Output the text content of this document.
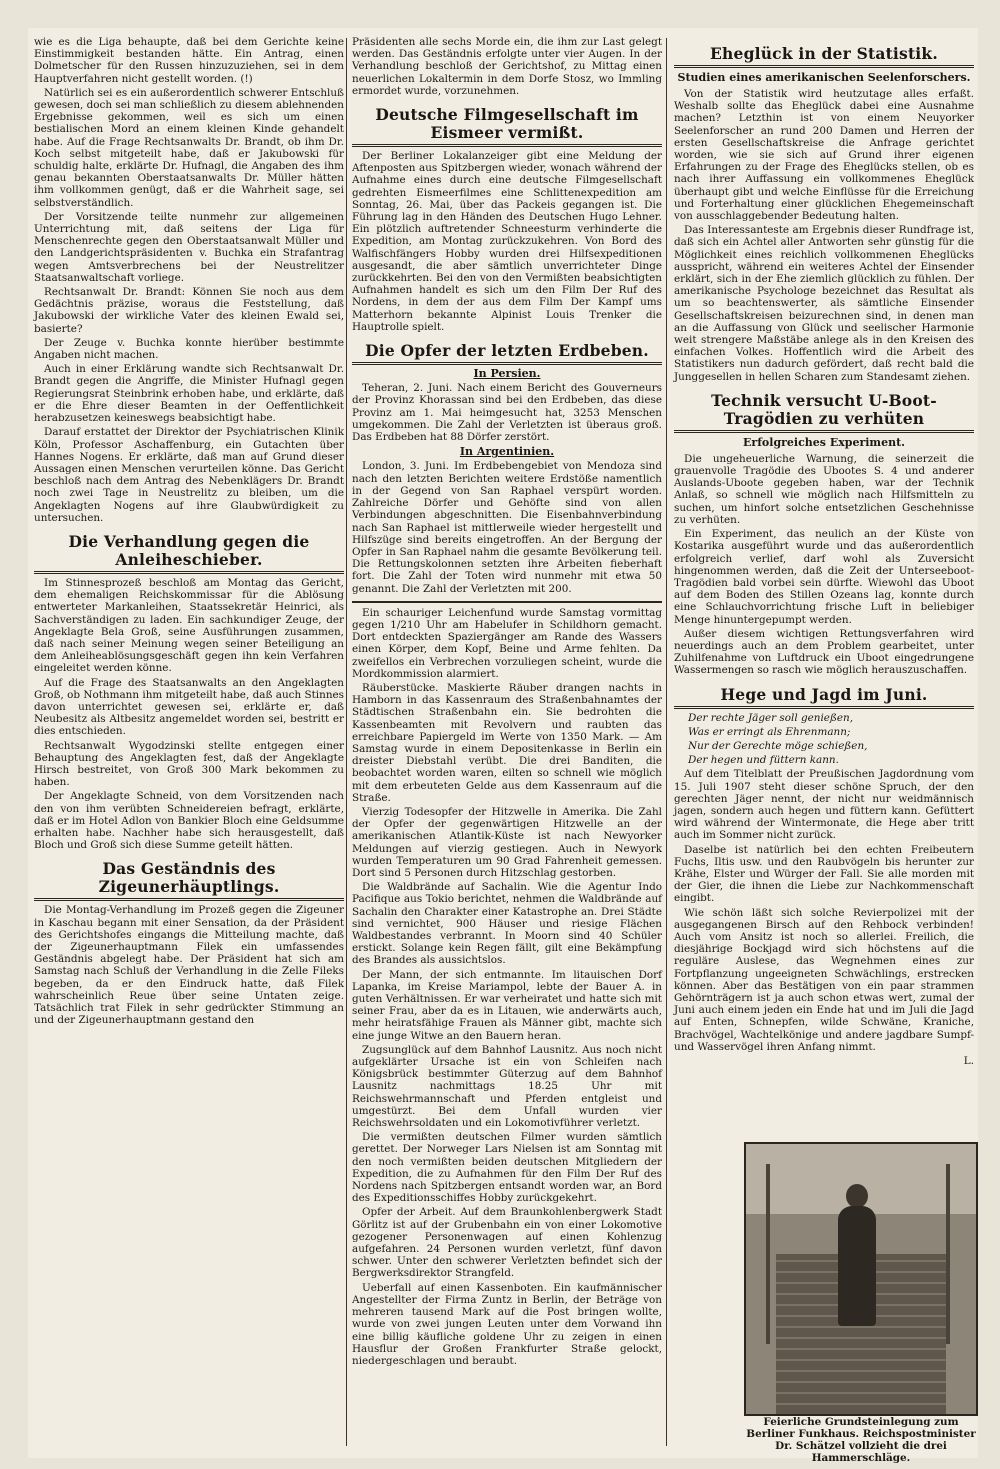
wie es die Liga behaupte, daß bei dem Gerichte keine Einstimmigkeit bestanden hätte. Ein Antrag, einen Dolmetscher für den Russen hinzuzuziehen, sei in dem Hauptverfahren nicht gestellt worden. (!)

Natürlich sei es ein außerordentlich schwerer Entschluß gewesen, doch sei man schließlich zu diesem ablehnenden Ergebnisse gekommen, weil es sich um einen bestialischen Mord an einem kleinen Kinde gehandelt habe. Auf die Frage Rechtsanwalts Dr. Brandt, ob ihm Dr. Koch selbst mitgeteilt habe, daß er Jakubowski für schuldig halte, erklärte Dr. Hufnagl, die Angaben des ihm genau bekannten Oberstaatsanwalts Dr. Müller hätten ihm vollkommen genügt, daß er die Wahrheit sage, sei selbstverständlich.

Der Vorsitzende teilte nunmehr zur allgemeinen Unterrichtung mit, daß seitens der Liga für Menschenrechte gegen den Oberstaatsanwalt Müller und den Landgerichtspräsidenten v. Buchka ein Strafantrag wegen Amtsverbrechens bei der Neustrelitzer Staatsanwaltschaft vorliege.

Rechtsanwalt Dr. Brandt: Können Sie noch aus dem Gedächtnis präzise, woraus die Feststellung, daß Jakubowski der wirkliche Vater des kleinen Ewald sei, basierte?

Der Zeuge v. Buchka konnte hierüber bestimmte Angaben nicht machen.

Auch in einer Erklärung wandte sich Rechtsanwalt Dr. Brandt gegen die Angriffe, die Minister Hufnagl gegen Regierungsrat Steinbrink erhoben habe, und erklärte, daß er die Ehre dieser Beamten in der Oeffentlichkeit herabzusetzen keineswegs beabsichtigt habe.

Darauf erstattet der Direktor der Psychiatrischen Klinik Köln, Professor Aschaffenburg, ein Gutachten über Hannes Nogens. Er erklärte, daß man auf Grund dieser Aussagen einen Menschen verurteilen könne. Das Gericht beschloß nach dem Antrag des Nebenklägers Dr. Brandt noch zwei Tage in Neustrelitz zu bleiben, um die Angeklagten Nogens auf ihre Glaubwürdigkeit zu untersuchen.

Die Verhandlung gegen die Anleiheschieber.

Im Stinnesprozeß beschloß am Montag das Gericht, dem ehemaligen Reichskommissar für die Ablösung entwerteter Markanleihen, Staatssekretär Heinrici, als Sachverständigen zu laden. Ein sachkundiger Zeuge, der Angeklagte Bela Groß, seine Ausführungen zusammen, daß nach seiner Meinung wegen seiner Beteiligung an dem Anleiheablösungsgeschäft gegen ihn kein Verfahren eingeleitet werden könne.

Auf die Frage des Staatsanwalts an den Angeklagten Groß, ob Nothmann ihm mitgeteilt habe, daß auch Stinnes davon unterrichtet gewesen sei, erklärte er, daß Neubesitz als Altbesitz angemeldet worden sei, bestritt er dies entschieden.

Rechtsanwalt Wygodzinski stellte entgegen einer Behauptung des Angeklagten fest, daß der Angeklagte Hirsch bestreitet, von Groß 300 Mark bekommen zu haben.

Der Angeklagte Schneid, von dem Vorsitzenden nach den von ihm verübten Schneidereien befragt, erklärte, daß er im Hotel Adlon von Bankier Bloch eine Geldsumme erhalten habe. Nachher habe sich herausgestellt, daß Bloch und Groß sich diese Summe geteilt hätten.

Das Geständnis des Zigeunerhäuptlings.

Die Montag-Verhandlung im Prozeß gegen die Zigeuner in Kaschau begann mit einer Sensation, da der Präsident des Gerichtshofes eingangs die Mitteilung machte, daß der Zigeunerhauptmann Filek ein umfassendes Geständnis abgelegt habe. Der Präsident hat sich am Samstag nach Schluß der Verhandlung in die Zelle Fileks begeben, da er den Eindruck hatte, daß Filek wahrscheinlich Reue über seine Untaten zeige. Tatsächlich trat Filek in sehr gedrückter Stimmung an und der Zigeunerhauptmann gestand den

Präsidenten alle sechs Morde ein, die ihm zur Last gelegt werden. Das Geständnis erfolgte unter vier Augen. In der Verhandlung beschloß der Gerichtshof, zu Mittag einen neuerlichen Lokaltermin in dem Dorfe Stosz, wo Immling ermordet wurde, vorzunehmen.

Deutsche Filmgesellschaft im Eismeer vermißt.

Der Berliner Lokalanzeiger gibt eine Meldung der Aftenposten aus Spitzbergen wieder, wonach während der Aufnahme eines durch eine deutsche Filmgesellschaft gedrehten Eismeerfilmes eine Schlittenexpedition am Sonntag, 26. Mai, über das Packeis gegangen ist. Die Führung lag in den Händen des Deutschen Hugo Lehner. Ein plötzlich auftretender Schneesturm verhinderte die Expedition, am Montag zurückzukehren. Von Bord des Walfischfängers Hobby wurden drei Hilfsexpeditionen ausgesandt, die aber sämtlich unverrichteter Dinge zurückkehrten. Bei den von den Vermißten beabsichtigten Aufnahmen handelt es sich um den Film Der Ruf des Nordens, in dem der aus dem Film Der Kampf ums Matterhorn bekannte Alpinist Louis Trenker die Hauptrolle spielt.

Die Opfer der letzten Erdbeben.
In Persien.

Teheran, 2. Juni. Nach einem Bericht des Gouverneurs der Provinz Khorassan sind bei den Erdbeben, das diese Provinz am 1. Mai heimgesucht hat, 3253 Menschen umgekommen. Die Zahl der Verletzten ist überaus groß. Das Erdbeben hat 88 Dörfer zerstört.

In Argentinien.

London, 3. Juni. Im Erdbebengebiet von Mendoza sind nach den letzten Berichten weitere Erdstöße namentlich in der Gegend von San Raphael verspürt worden. Zahlreiche Dörfer und Gehöfte sind von allen Verbindungen abgeschnitten. Die Eisenbahnverbindung nach San Raphael ist mittlerweile wieder hergestellt und Hilfszüge sind bereits eingetroffen. An der Bergung der Opfer in San Raphael nahm die gesamte Bevölkerung teil. Die Rettungskolonnen setzten ihre Arbeiten fieberhaft fort. Die Zahl der Toten wird nunmehr mit etwa 50 genannt. Die Zahl der Verletzten mit 200.

Ein schauriger Leichenfund wurde Samstag vormittag gegen 1/210 Uhr am Habelufer in Schildhorn gemacht. Dort entdeckten Spaziergänger am Rande des Wassers einen Körper, dem Kopf, Beine und Arme fehlten. Da zweifellos ein Verbrechen vorzuliegen scheint, wurde die Mordkommission alarmiert.

Räuberstücke. Maskierte Räuber drangen nachts in Hamborn in das Kassenraum des Straßenbahnamtes der Städtischen Straßenbahn ein. Sie bedrohten die Kassenbeamten mit Revolvern und raubten das erreichbare Papiergeld im Werte von 1350 Mark. — Am Samstag wurde in einem Depositenkasse in Berlin ein dreister Diebstahl verübt. Die drei Banditen, die beobachtet worden waren, eilten so schnell wie möglich mit dem erbeuteten Gelde aus dem Kassenraum auf die Straße.

Vierzig Todesopfer der Hitzwelle in Amerika. Die Zahl der Opfer der gegenwärtigen Hitzwelle an der amerikanischen Atlantik-Küste ist nach Newyorker Meldungen auf vierzig gestiegen. Auch in Newyork wurden Temperaturen um 90 Grad Fahrenheit gemessen. Dort sind 5 Personen durch Hitzschlag gestorben.

Die Waldbrände auf Sachalin. Wie die Agentur Indo Pacifique aus Tokio berichtet, nehmen die Waldbrände auf Sachalin den Charakter einer Katastrophe an. Drei Städte sind vernichtet, 900 Häuser und riesige Flächen Waldbestandes verbrannt. In Moorn sind 40 Schüler erstickt. Solange kein Regen fällt, gilt eine Bekämpfung des Brandes als aussichtslos.

Der Mann, der sich entmannte. Im litauischen Dorf Lapanka, im Kreise Mariampol, lebte der Bauer A. in guten Verhältnissen. Er war verheiratet und hatte sich mit seiner Frau, aber da es in Litauen, wie anderwärts auch, mehr heiratsfähige Frauen als Männer gibt, machte sich eine junge Witwe an den Bauern heran.

Zugsunglück auf dem Bahnhof Lausnitz. Aus noch nicht aufgeklärter Ursache ist ein von Schleifen nach Königsbrück bestimmter Güterzug auf dem Bahnhof Lausnitz nachmittags 18.25 Uhr mit Reichswehrmannschaft und Pferden entgleist und umgestürzt. Bei dem Unfall wurden vier Reichswehrsoldaten und ein Lokomotivführer verletzt.

Die vermißten deutschen Filmer wurden sämtlich gerettet. Der Norweger Lars Nielsen ist am Sonntag mit den noch vermißten beiden deutschen Mitgliedern der Expedition, die zu Aufnahmen für den Film Der Ruf des Nordens nach Spitzbergen entsandt worden war, an Bord des Expeditionsschiffes Hobby zurückgekehrt.

Opfer der Arbeit. Auf dem Braunkohlenbergwerk Stadt Görlitz ist auf der Grubenbahn ein von einer Lokomotive gezogener Personenwagen auf einen Kohlenzug aufgefahren. 24 Personen wurden verletzt, fünf davon schwer. Unter den schwerer Verletzten befindet sich der Bergwerksdirektor Strangfeld.

Ueberfall auf einen Kassenboten. Ein kaufmännischer Angestellter der Firma Zuntz in Berlin, der Beträge von mehreren tausend Mark auf die Post bringen wollte, wurde von zwei jungen Leuten unter dem Vorwand ihn eine billig käufliche goldene Uhr zu zeigen in einen Hausflur der Großen Frankfurter Straße gelockt, niedergeschlagen und beraubt.

Eheglück in der Statistik.
Studien eines amerikanischen Seelenforschers.

Von der Statistik wird heutzutage alles erfaßt. Weshalb sollte das Eheglück dabei eine Ausnahme machen? Letzthin ist von einem Neuyorker Seelenforscher an rund 200 Damen und Herren der ersten Gesellschaftskreise die Anfrage gerichtet worden, wie sie sich auf Grund ihrer eigenen Erfahrungen zu der Frage des Eheglücks stellen, ob es nach ihrer Auffassung ein vollkommenes Eheglück überhaupt gibt und welche Einflüsse für die Erreichung und Forterhaltung einer glücklichen Ehegemeinschaft von ausschlaggebender Bedeutung halten.

Das Interessanteste am Ergebnis dieser Rundfrage ist, daß sich ein Achtel aller Antworten sehr günstig für die Möglichkeit eines reichlich vollkommenen Eheglücks ausspricht, während ein weiteres Achtel der Einsender erklärt, sich in der Ehe ziemlich glücklich zu fühlen. Der amerikanische Psychologe bezeichnet das Resultat als um so beachtenswerter, als sämtliche Einsender Gesellschaftskreisen beizurechnen sind, in denen man an die Auffassung von Glück und seelischer Harmonie weit strengere Maßstäbe anlege als in den Kreisen des einfachen Volkes. Hoffentlich wird die Arbeit des Statistikers nun dadurch gefördert, daß recht bald die Junggesellen in hellen Scharen zum Standesamt ziehen.

Technik versucht U-Boot-Tragödien zu verhüten
Erfolgreiches Experiment.

Die ungeheuerliche Warnung, die seinerzeit die grauenvolle Tragödie des Ubootes S. 4 und anderer Auslands-Uboote gegeben haben, war der Technik Anlaß, so schnell wie möglich nach Hilfsmitteln zu suchen, um hinfort solche entsetzlichen Geschehnisse zu verhüten.

Ein Experiment, das neulich an der Küste von Kostarika ausgeführt wurde und das außerordentlich erfolgreich verlief, darf wohl als Zuversicht hingenommen werden, daß die Zeit der Unterseeboot-Tragödien bald vorbei sein dürfte. Wiewohl das Uboot auf dem Boden des Stillen Ozeans lag, konnte durch eine Schlauchvorrichtung frische Luft in beliebiger Menge hinuntergepumpt werden.

Außer diesem wichtigen Rettungsverfahren wird neuerdings auch an dem Problem gearbeitet, unter Zuhilfenahme von Luftdruck ein Uboot eingedrungene Wassermengen so rasch wie möglich herauszuschaffen.

Hege und Jagd im Juni.

Der rechte Jäger soll genießen,

Was er erringt als Ehrenmann;

Nur der Gerechte möge schießen,

Der hegen und füttern kann.

Auf dem Titelblatt der Preußischen Jagdordnung vom 15. Juli 1907 steht dieser schöne Spruch, der den gerechten Jäger nennt, der nicht nur weidmännisch jagen, sondern auch hegen und füttern kann. Gefüttert wird während der Wintermonate, die Hege aber tritt auch im Sommer nicht zurück.

Daselbe ist natürlich bei den echten Freibeutern Fuchs, Iltis usw. und den Raubvögeln bis herunter zur Krähe, Elster und Würger der Fall. Sie alle morden mit der Gier, die ihnen die Liebe zur Nachkommenschaft eingibt.

Wie schön läßt sich solche Revierpolizei mit der ausgegangenen Birsch auf den Rehbock verbinden! Auch vom Ansitz ist noch so allerlei. Freilich, die diesjährige Bockjagd wird sich höchstens auf die reguläre Auslese, das Wegnehmen eines zur Fortpflanzung ungeeigneten Schwächlings, erstrecken können. Aber das Bestätigen von ein paar strammen Gehörnträgern ist ja auch schon etwas wert, zumal der Juni auch einem jeden ein Ende hat und im Juli die Jagd auf Enten, Schnepfen, wilde Schwäne, Kraniche, Brachvögel, Wachtelkönige und andere jagdbare Sumpf- und Wasservögel ihren Anfang nimmt.

L.

Feierliche Grundsteinlegung zum Berliner Funkhaus. Reichspostminister Dr. Schätzel vollzieht die drei Hammerschläge.
